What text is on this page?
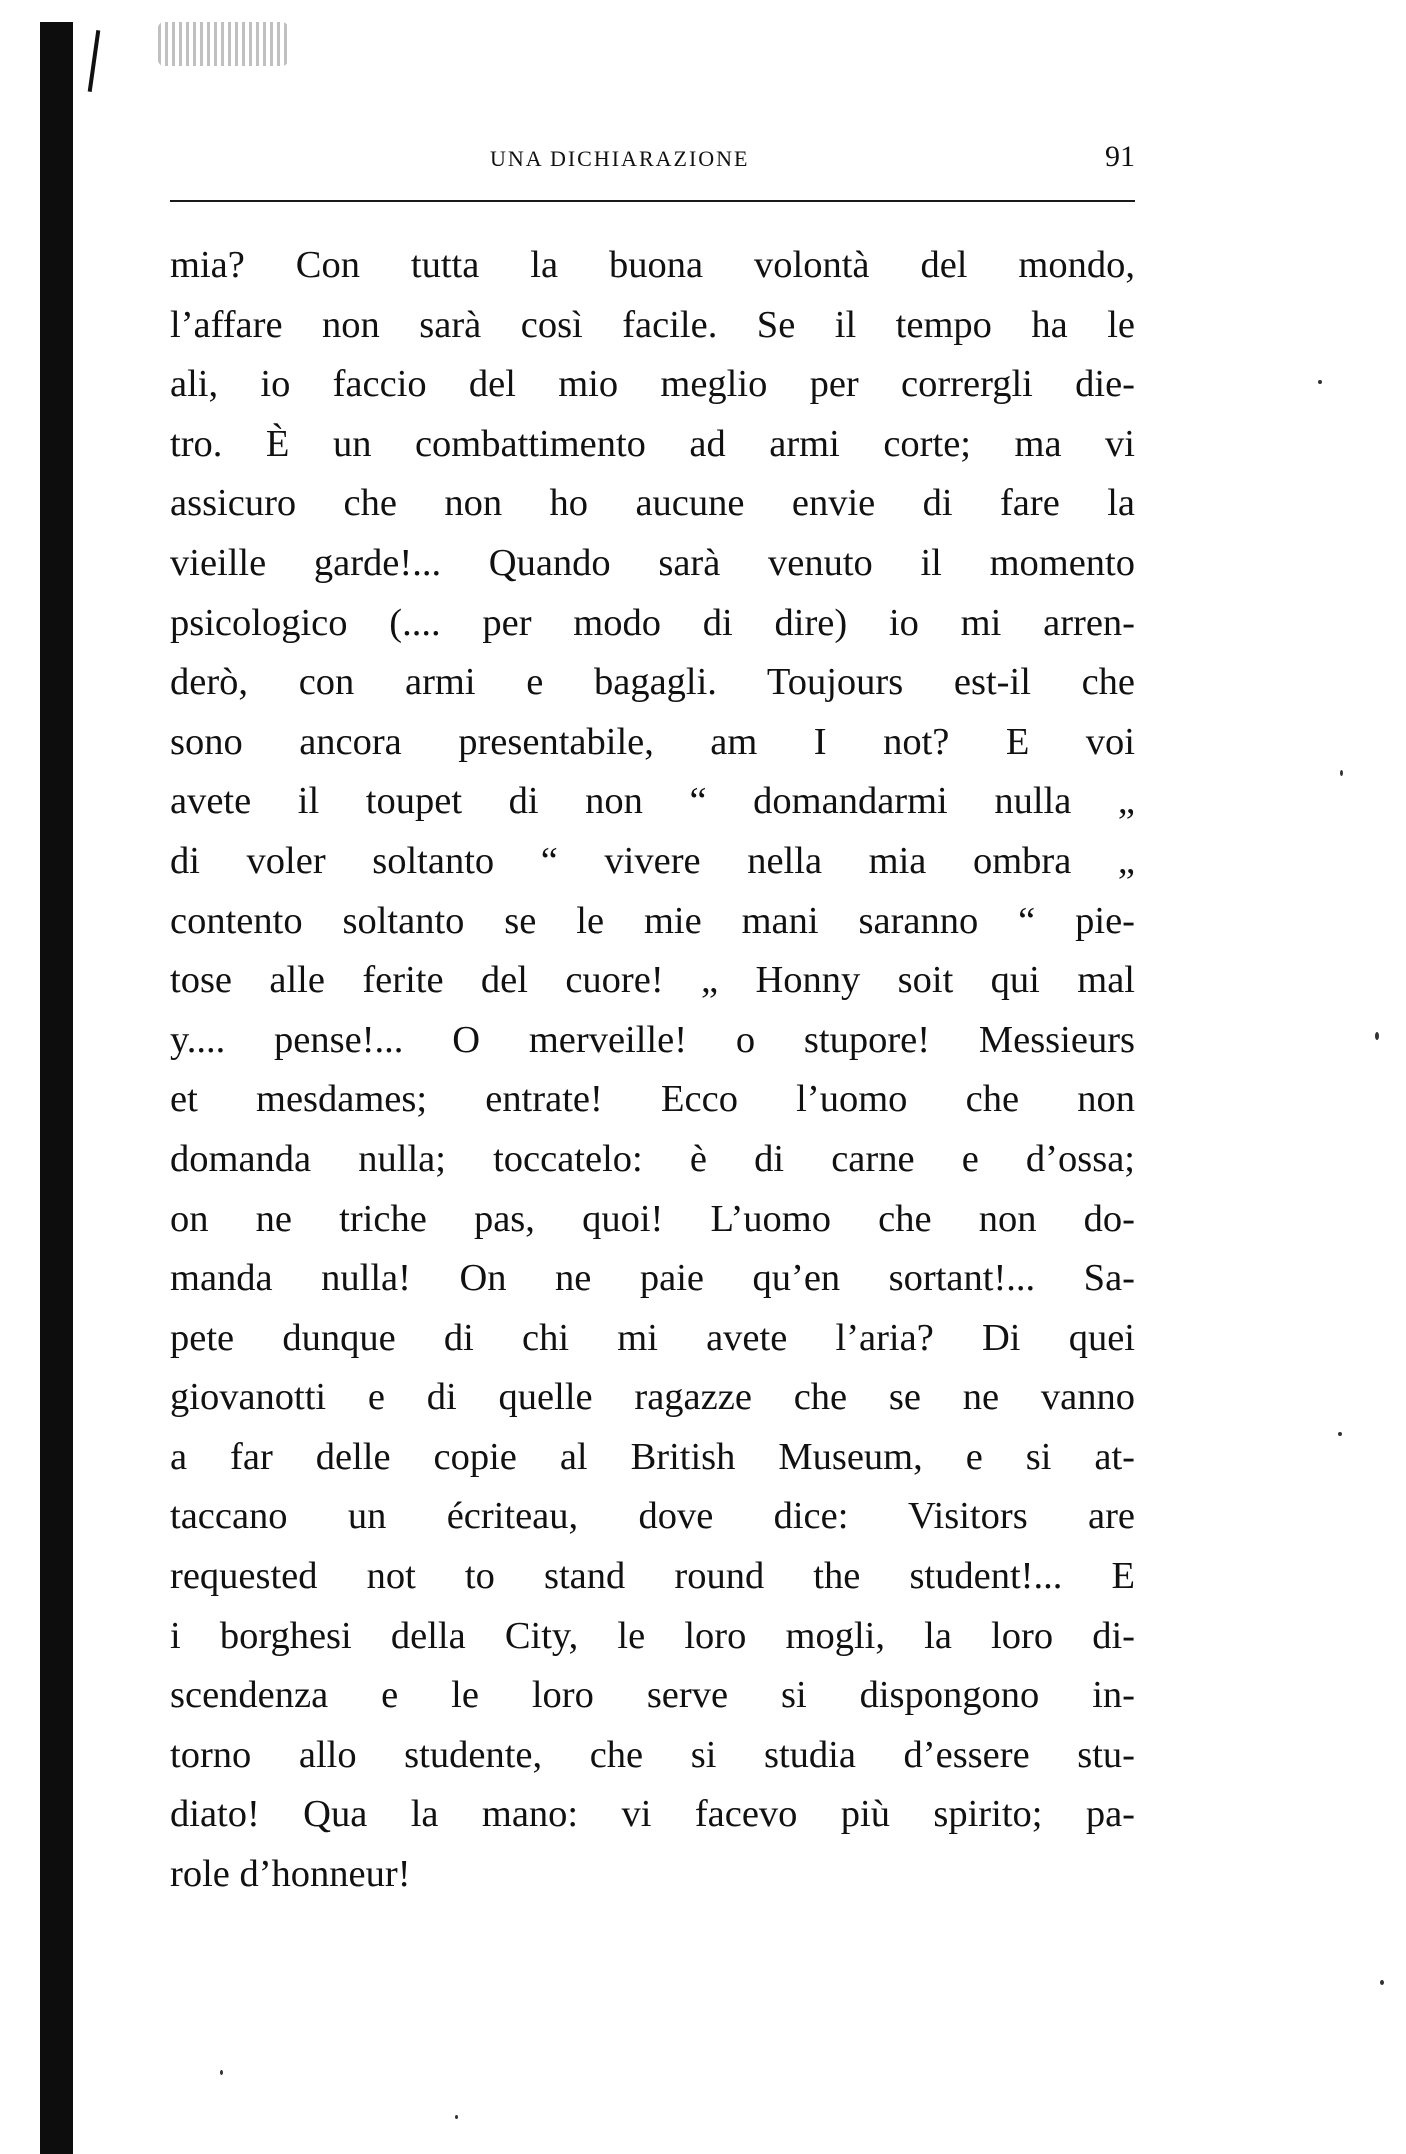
UNA DICHIARAZIONE	91
mia? Con tutta la buona volontà del mondo,
l’affare non sarà così facile. Se il tempo ha le
ali, io faccio del mio meglio per corrergli die-
tro. È un combattimento ad armi corte; ma vi
assicuro che non ho aucune envie di fare la
vieille garde!... Quando sarà venuto il momento
psicologico (.... per modo di dire) io mi arren-
derò, con armi e bagagli. Toujours est-il che
sono ancora presentabile, am I not? E voi
avete il toupet di non “ domandarmi nulla „
di voler soltanto “ vivere nella mia ombra „
contento soltanto se le mie mani saranno “ pie-
tose alle ferite del cuore! „ Honny soit qui mal
y.... pense!... O merveille! o stupore! Messieurs
et mesdames; entrate! Ecco l’uomo che non
domanda nulla; toccatelo: è di carne e d’ossa;
on ne triche pas, quoi! L’uomo che non do-
manda nulla! On ne paie qu’en sortant!... Sa-
pete dunque di chi mi avete l’aria? Di quei
giovanotti e di quelle ragazze che se ne vanno
a far delle copie al British Museum, e si at-
taccano un écriteau, dove dice: Visitors are
requested not to stand round the student!... E
i borghesi della City, le loro mogli, la loro di-
scendenza e le loro serve si dispongono in-
torno allo studente, che si studia d’essere stu-
diato! Qua la mano: vi facevo più spirito; pa-
role d’honneur!
